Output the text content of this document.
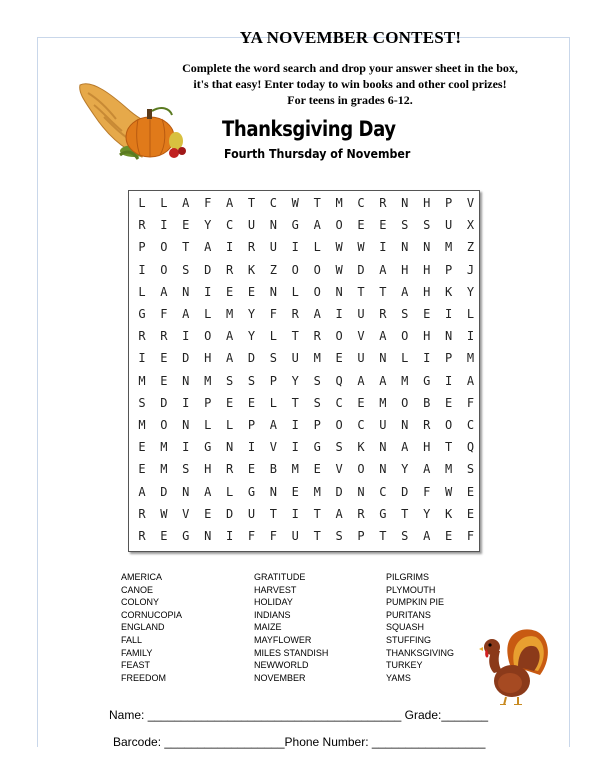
YA NOVEMBER CONTEST!
Complete the word search and drop your answer sheet in the box,
it's that easy! Enter today to win books and other cool prizes!
For teens in grades 6-12.
Thanksgiving Day
Fourth Thursday of November
L	L	A	F	A	T	C	W	T	M	C	R	N	H	P	V
R	I	E	Y	C	U	N	G	A	O	E	E	S	S	U	X
P	O	T	A	I	R	U	I	L	W	W	I	N	N	M	Z
I	O	S	D	R	K	Z	O	O	W	D	A	H	H	P	J
L	A	N	I	E	E	N	L	O	N	T	T	A	H	K	Y
G	F	A	L	M	Y	F	R	A	I	U	R	S	E	I	L
R	R	I	O	A	Y	L	T	R	O	V	A	O	H	N	I
I	E	D	H	A	D	S	U	M	E	U	N	L	I	P	M
M	E	N	M	S	S	P	Y	S	Q	A	A	M	G	I	A
S	D	I	P	E	E	L	T	S	C	E	M	O	B	E	F
M	O	N	L	L	P	A	I	P	O	C	U	N	R	O	C
E	M	I	G	N	I	V	I	G	S	K	N	A	H	T	Q
E	M	S	H	R	E	B	M	E	V	O	N	Y	A	M	S
A	D	N	A	L	G	N	E	M	D	N	C	D	F	W	E
R	W	V	E	D	U	T	I	T	A	R	G	T	Y	K	E
R	E	G	N	I	F	F	U	T	S	P	T	S	A	E	F
AMERICA
CANOE
COLONY
CORNUCOPIA
ENGLAND
FALL
FAMILY
FEAST
FREEDOM
GRATITUDE
HARVEST
HOLIDAY
INDIANS
MAIZE
MAYFLOWER
MILES STANDISH
NEWWORLD
NOVEMBER
PILGRIMS
PLYMOUTH
PUMPKIN PIE
PURITANS
SQUASH
STUFFING
THANKSGIVING
TURKEY
YAMS
Name: ______________________________________ Grade:_______
Barcode: __________________Phone Number: _________________
